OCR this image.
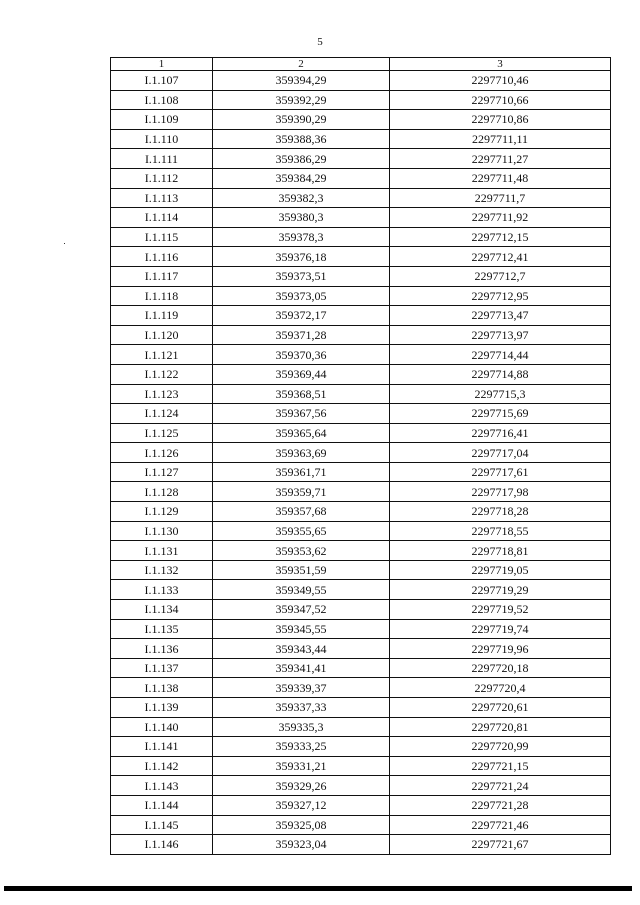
5
1	2	3
І.1.107	359394,29	2297710,46
І.1.108	359392,29	2297710,66
І.1.109	359390,29	2297710,86
І.1.110	359388,36	2297711,11
І.1.111	359386,29	2297711,27
І.1.112	359384,29	2297711,48
І.1.113	359382,3	2297711,7
І.1.114	359380,3	2297711,92
І.1.115	359378,3	2297712,15
І.1.116	359376,18	2297712,41
І.1.117	359373,51	2297712,7
І.1.118	359373,05	2297712,95
І.1.119	359372,17	2297713,47
І.1.120	359371,28	2297713,97
І.1.121	359370,36	2297714,44
І.1.122	359369,44	2297714,88
І.1.123	359368,51	2297715,3
І.1.124	359367,56	2297715,69
І.1.125	359365,64	2297716,41
І.1.126	359363,69	2297717,04
І.1.127	359361,71	2297717,61
І.1.128	359359,71	2297717,98
І.1.129	359357,68	2297718,28
І.1.130	359355,65	2297718,55
І.1.131	359353,62	2297718,81
І.1.132	359351,59	2297719,05
І.1.133	359349,55	2297719,29
І.1.134	359347,52	2297719,52
І.1.135	359345,55	2297719,74
І.1.136	359343,44	2297719,96
І.1.137	359341,41	2297720,18
І.1.138	359339,37	2297720,4
І.1.139	359337,33	2297720,61
І.1.140	359335,3	2297720,81
І.1.141	359333,25	2297720,99
І.1.142	359331,21	2297721,15
І.1.143	359329,26	2297721,24
І.1.144	359327,12	2297721,28
І.1.145	359325,08	2297721,46
І.1.146	359323,04	2297721,67
